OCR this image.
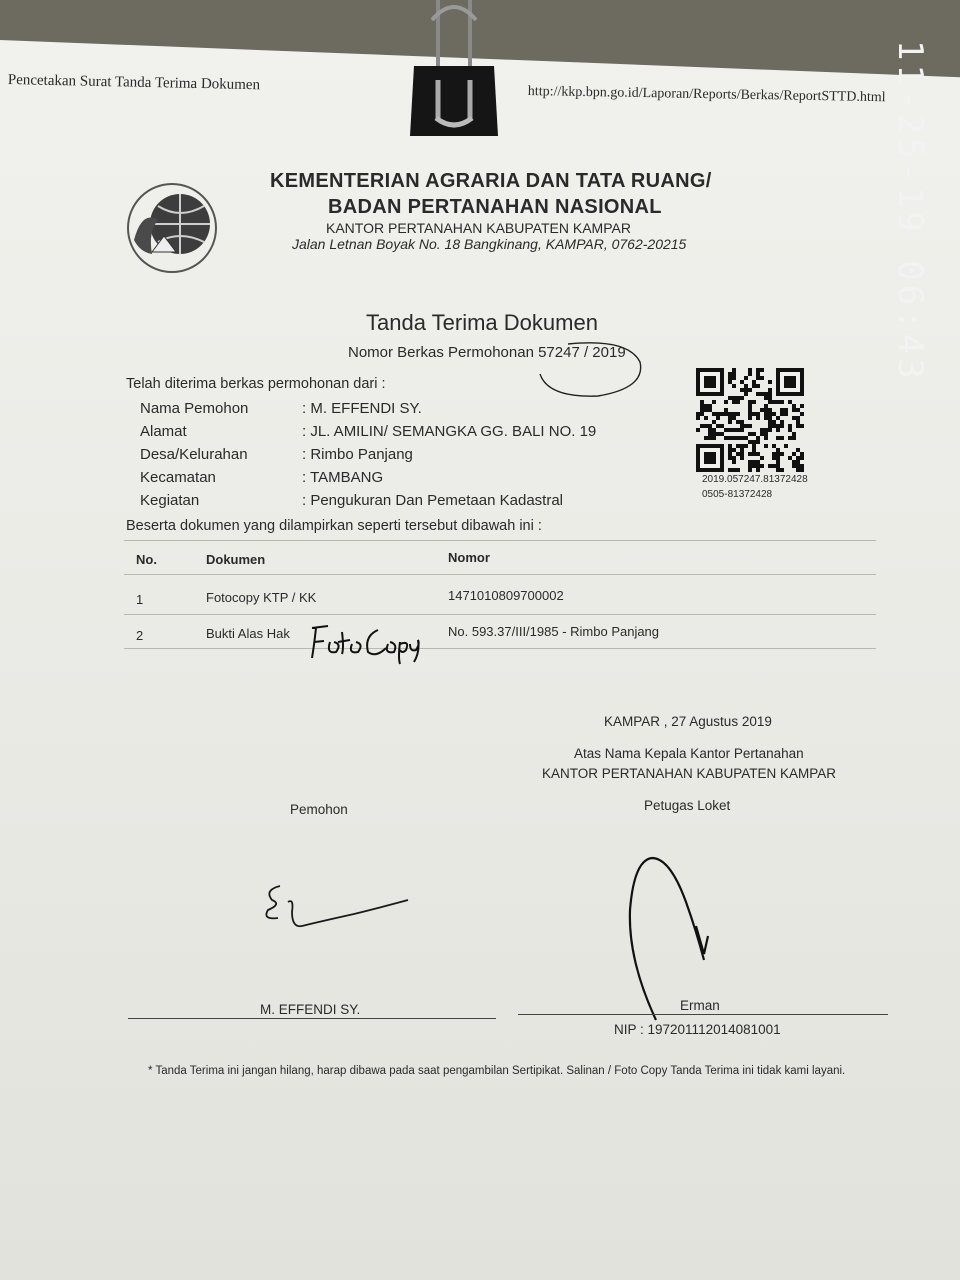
Pencetakan Surat Tanda Terima Dokumen
http://kkp.bpn.go.id/Laporan/Reports/Berkas/ReportSTTD.html 11-25-19 06:43
KEMENTERIAN AGRARIA DAN TATA RUANG/
BADAN PERTANAHAN NASIONAL
KANTOR PERTANAHAN KABUPATEN KAMPAR
Jalan Letnan Boyak No. 18 Bangkinang, KAMPAR, 0762-20215
Tanda Terima Dokumen
Nomor Berkas Permohonan 57247 / 2019
2019.057247.81372428
0505-81372428
Telah diterima berkas permohonan dari :
Nama Pemohon	: M. EFFENDI SY.
Alamat	: JL. AMILIN/ SEMANGKA GG. BALI NO. 19
Desa/Kelurahan	: Rimbo Panjang
Kecamatan	: TAMBANG
Kegiatan	: Pengukuran Dan Pemetaan Kadastral
Beserta dokumen yang dilampirkan seperti tersebut dibawah ini :
No.	Dokumen	Nomor
1	Fotocopy KTP / KK	1471010809700002
2	Bukti Alas Hak	No. 593.37/III/1985 - Rimbo Panjang
KAMPAR , 27 Agustus 2019
Atas Nama Kepala Kantor Pertanahan
KANTOR PERTANAHAN KABUPATEN KAMPAR
Pemohon	Petugas Loket
M. EFFENDI SY.	Erman
NIP : 197201112014081001
* Tanda Terima ini jangan hilang, harap dibawa pada saat pengambilan Sertipikat. Salinan / Foto Copy Tanda Terima ini tidak kami layani.
